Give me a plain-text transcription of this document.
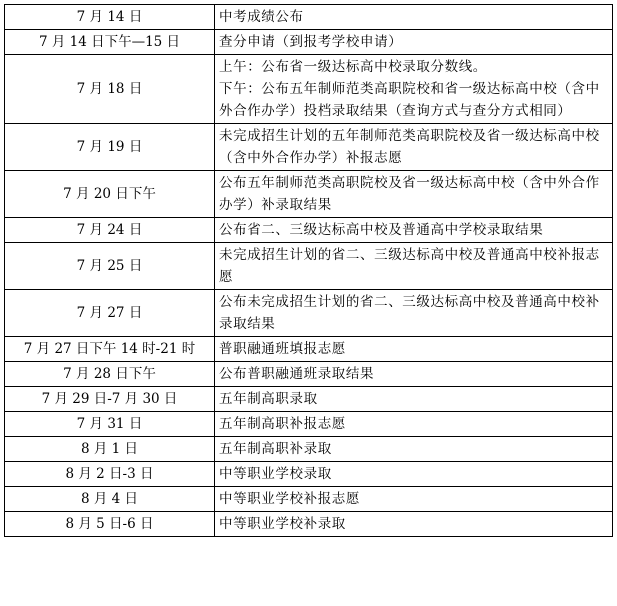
7 月 14 日	中考成绩公布

7 月 14 日下午—15 日	查分申请（到报考学校申请）

7 月 18 日	上午：公布省一级达标高中校录取分数线。
下午：公布五年制师范类高职院校和省一级达标高中校（含中外合作办学）投档录取结果（查询方式与查分方式相同）

7 月 19 日	未完成招生计划的五年制师范类高职院校及省一级达标高中校（含中外合作办学）补报志愿

7 月 20 日下午	公布五年制师范类高职院校及省一级达标高中校（含中外合作办学）补录取结果

7 月 24 日	公布省二、三级达标高中校及普通高中学校录取结果

7 月 25 日	未完成招生计划的省二、三级达标高中校及普通高中校补报志愿

7 月 27 日	公布未完成招生计划的省二、三级达标高中校及普通高中校补录取结果

7 月 27 日下午 14 时-21 时	普职融通班填报志愿

7 月 28 日下午	公布普职融通班录取结果

7 月 29 日-7 月 30 日	五年制高职录取

7 月 31 日	五年制高职补报志愿

8 月 1 日	五年制高职补录取

8 月 2 日-3 日	中等职业学校录取

8 月 4 日	中等职业学校补报志愿

8 月 5 日-6 日	中等职业学校补录取
